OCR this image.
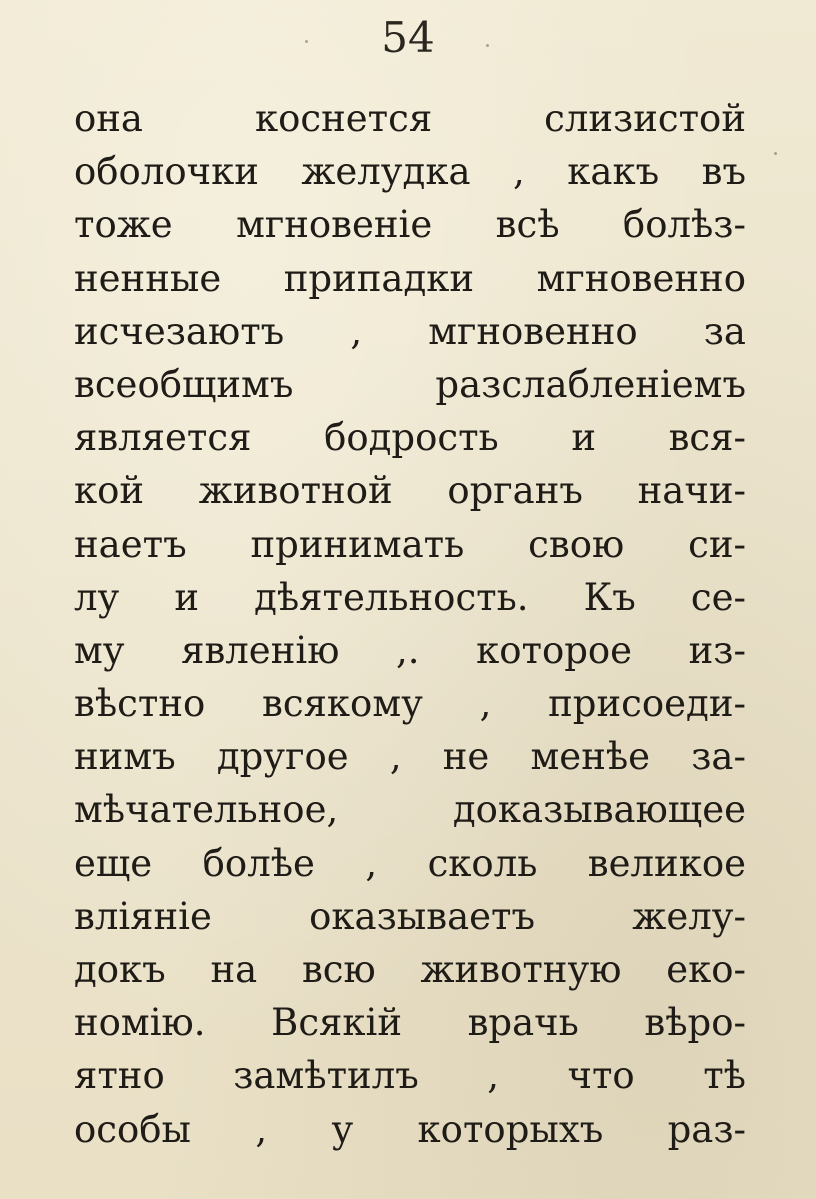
54
она коснется слизистой
оболочки желудка , какъ въ
тоже мгновеніе всѣ болѣз-
ненные припадки мгновенно
исчезаютъ , мгновенно за
всеобщимъ разслабленіемъ
является бодрость и вся-
кой животной органъ начи-
наетъ принимать свою си-
лу и дѣятельность. Къ се-
му явленію ,. которое из-
вѣстно всякому , присоеди-
нимъ другое , не менѣе за-
мѣчательное, доказывающее
еще болѣе , сколь великое
вліяніе оказываетъ желу-
докъ на всю животную еко-
номію. Всякій врачь вѣро-
ятно замѣтилъ , что тѣ
особы , у которыхъ раз-
